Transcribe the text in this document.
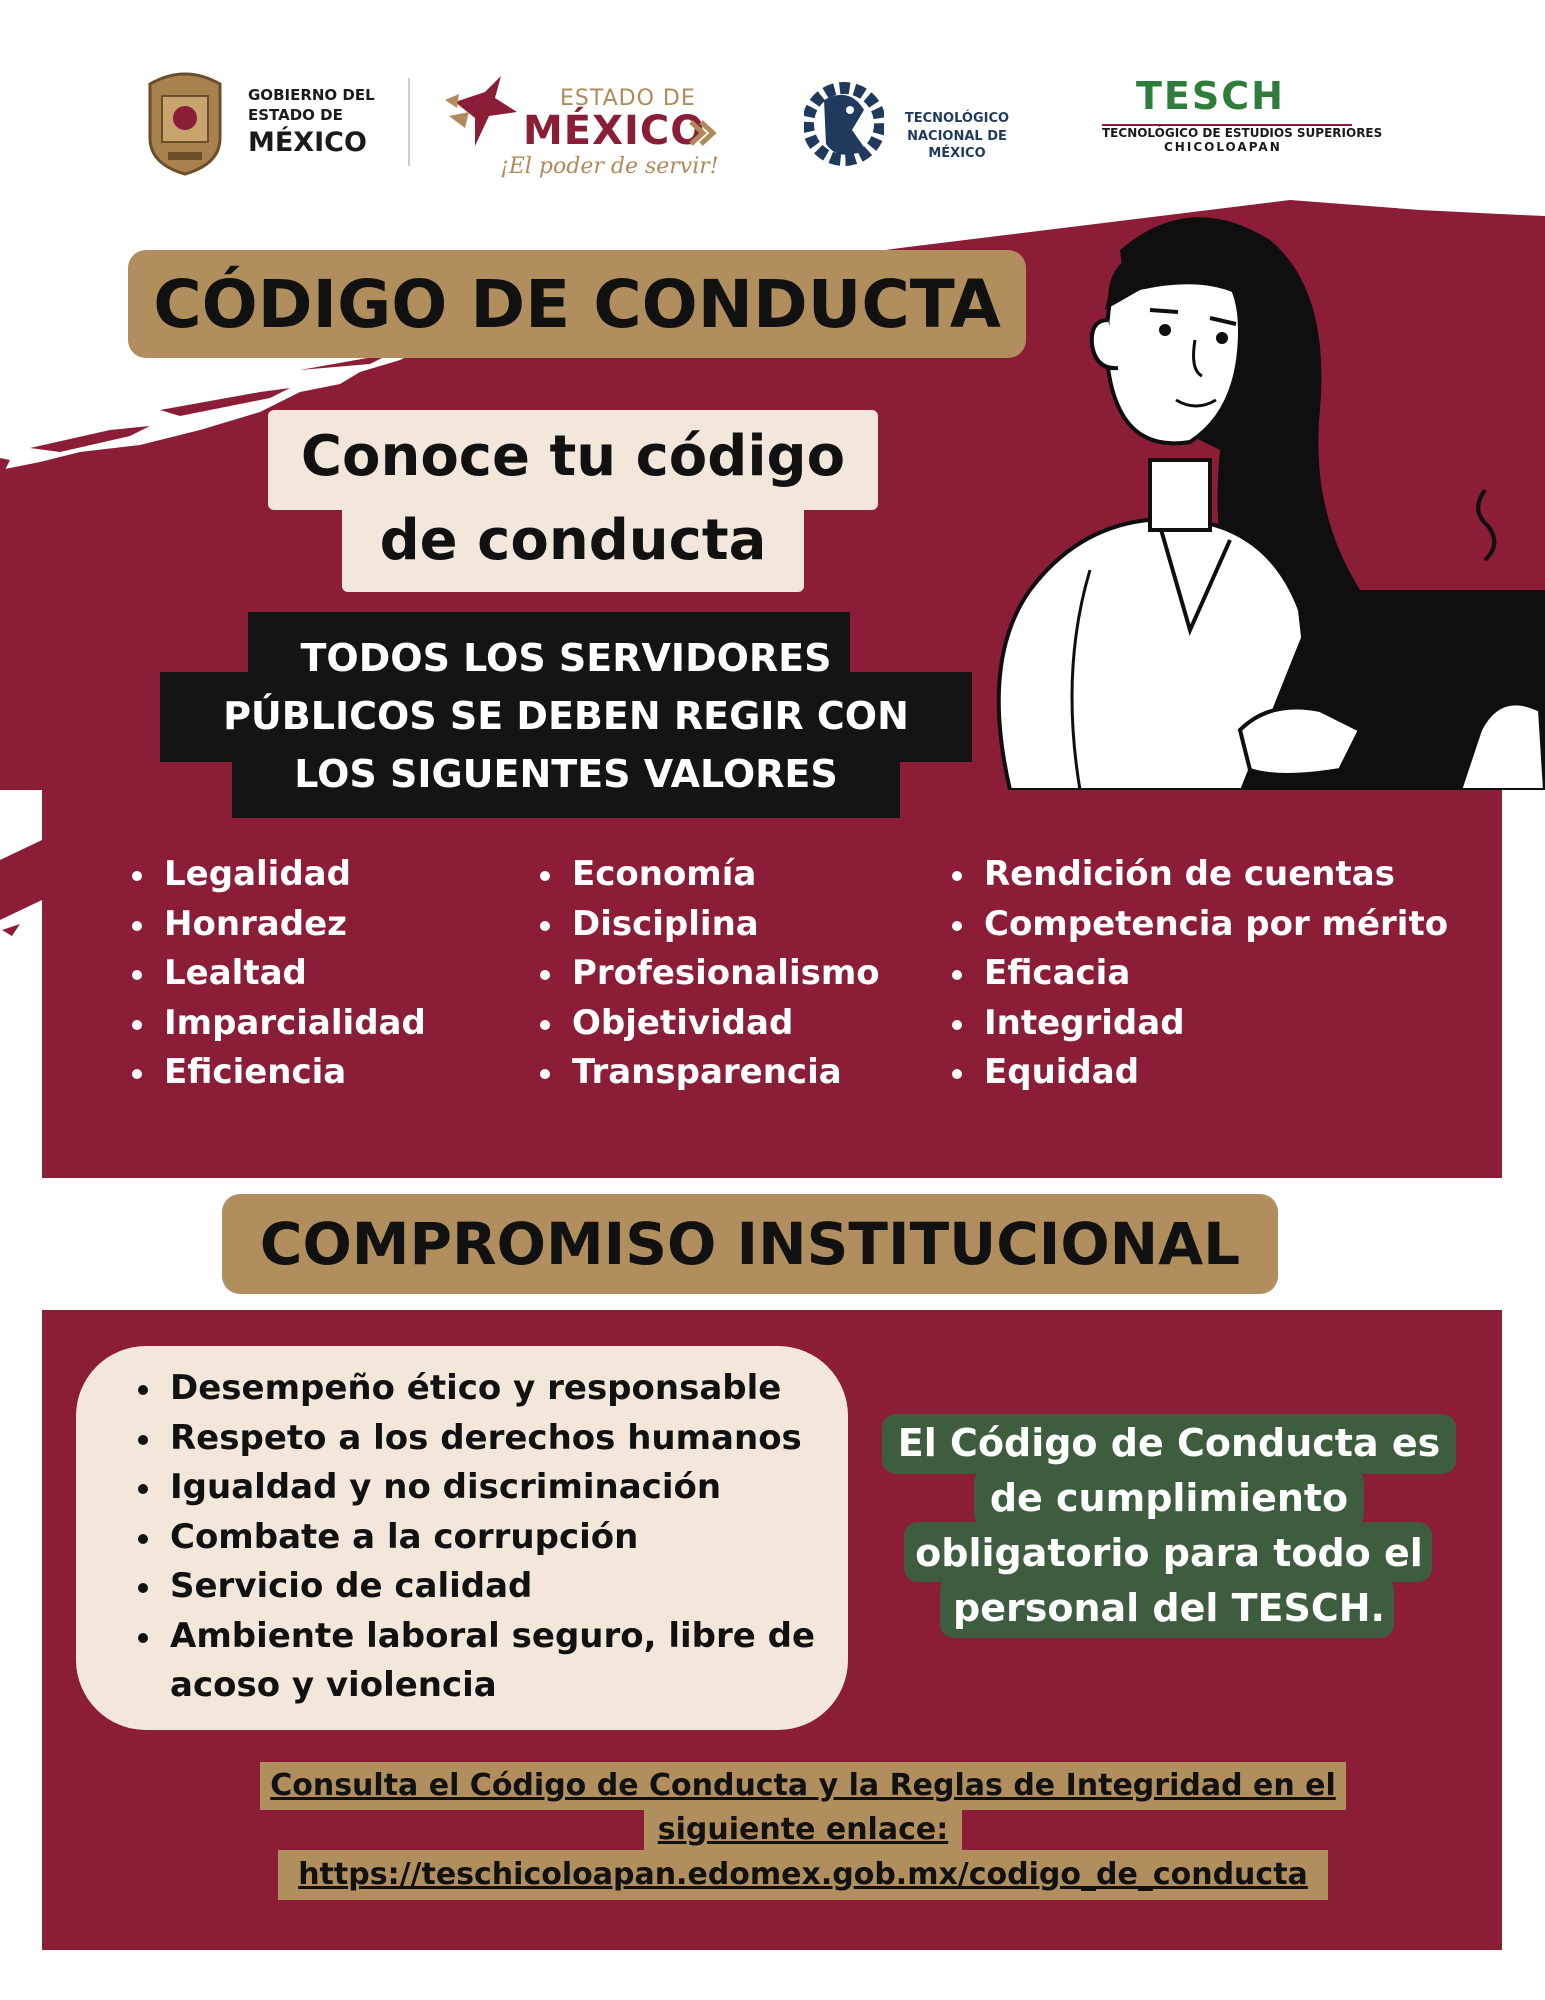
GOBIERNO DEL
ESTADO DE
MÉXICO
ESTADO DE
MÉXICO
¡El poder de servir!
TECNOLÓGICO
NACIONAL DE MÉXICO
TESCH
TECNOLÓGICO DE ESTUDIOS SUPERIORES
CHICOLOAPAN
CÓDIGO DE CONDUCTA
Conoce tu código
de conducta
TODOS LOS SERVIDORES
PÚBLICOS SE DEBEN REGIR CON
LOS SIGUENTES VALORES
Legalidad
Honradez
Lealtad
Imparcialidad
Eficiencia
Economía
Disciplina
Profesionalismo
Objetividad
Transparencia
Rendición de cuentas
Competencia por mérito
Eficacia
Integridad
Equidad
COMPROMISO INSTITUCIONAL
Desempeño ético y responsable
Respeto a los derechos humanos
Igualdad y no discriminación
Combate a la corrupción
Servicio de calidad
Ambiente laboral seguro, libre de acoso y violencia
El Código de Conducta es
de cumplimiento
obligatorio para todo el
personal del TESCH.
Consulta el Código de Conducta y la Reglas de Integridad en el
siguiente enlace:
https://teschicoloapan.edomex.gob.mx/codigo_de_conducta
